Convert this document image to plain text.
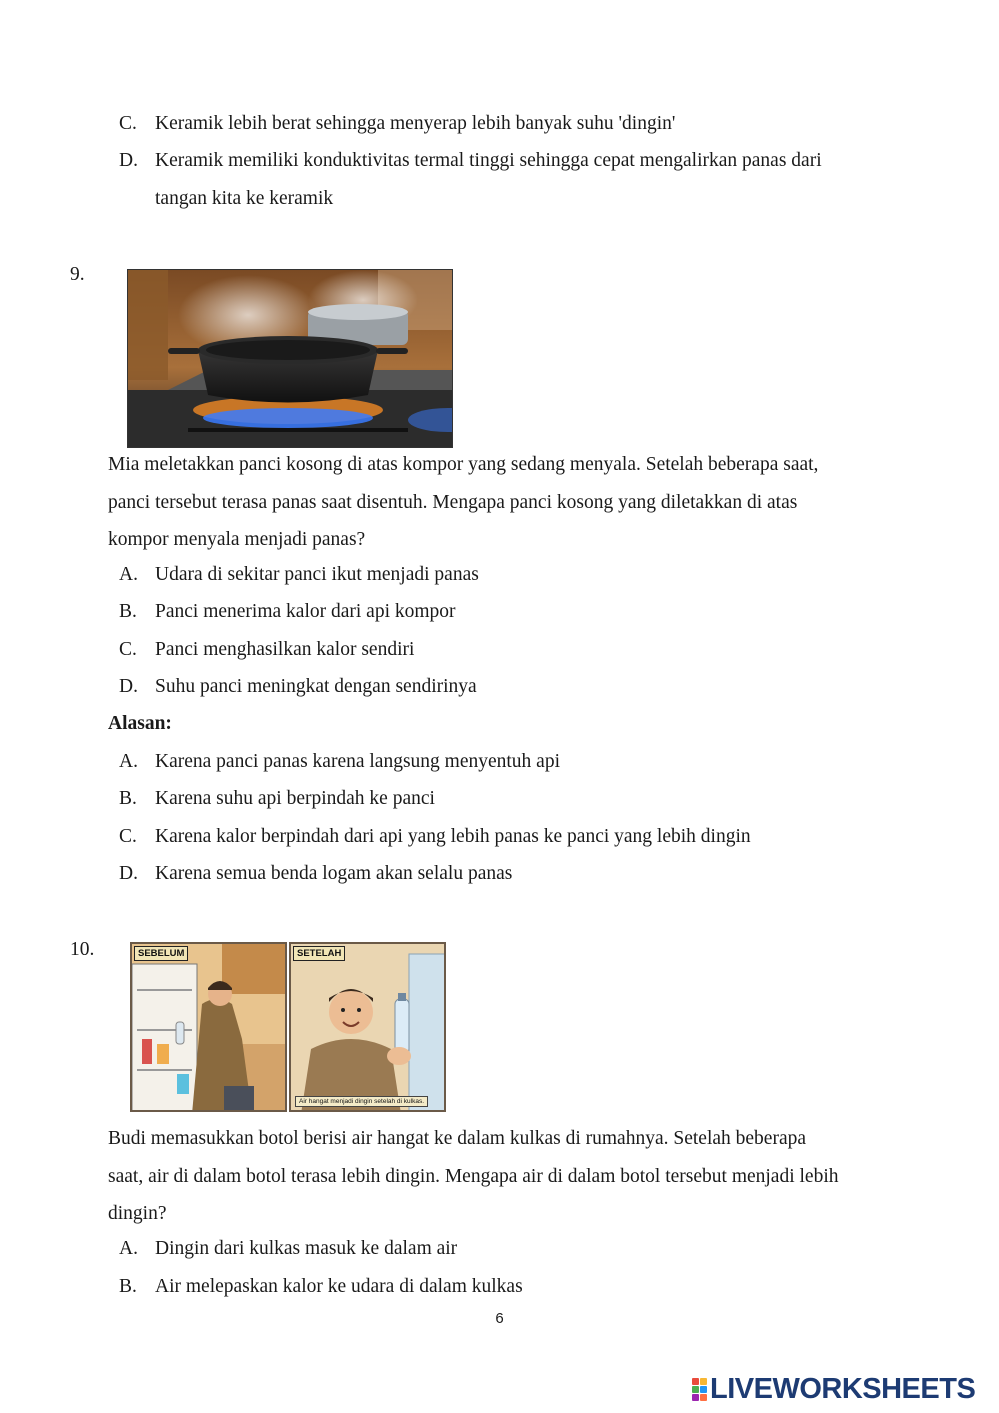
C. Keramik lebih berat sehingga menyerap lebih banyak suhu 'dingin'
D. Keramik memiliki konduktivitas termal tinggi sehingga cepat mengalirkan panas dari
tangan kita ke keramik
9.
Mia meletakkan panci kosong di atas kompor yang sedang menyala. Setelah beberapa saat,
panci tersebut terasa panas saat disentuh. Mengapa panci kosong yang diletakkan di atas
kompor menyala menjadi panas?
A. Udara di sekitar panci ikut menjadi panas
B. Panci menerima kalor dari api kompor
C. Panci menghasilkan kalor sendiri
D. Suhu panci meningkat dengan sendirinya
Alasan:
A. Karena panci panas karena langsung menyentuh api
B. Karena suhu api berpindah ke panci
C. Karena kalor berpindah dari api yang lebih panas ke panci yang lebih dingin
D. Karena semua benda logam akan selalu panas
10.	SEBELUM	SETELAH
Air hangat menjadi dingin setelah di kulkas.
Budi memasukkan botol berisi air hangat ke dalam kulkas di rumahnya. Setelah beberapa
saat, air di dalam botol terasa lebih dingin. Mengapa air di dalam botol tersebut menjadi lebih
dingin?
A. Dingin dari kulkas masuk ke dalam air
B. Air melepaskan kalor ke udara di dalam kulkas
6
LIVEWORKSHEETS
